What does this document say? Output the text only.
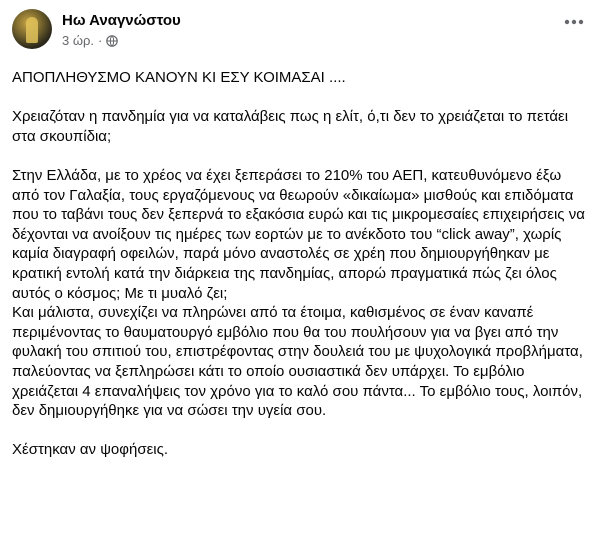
Ηω Αναγνώστου
3 ώρ. ·

ΑΠΟΠΛΗΘΥΣΜΟ ΚΑΝΟΥΝ ΚΙ ΕΣΥ ΚΟΙΜΑΣΑΙ ....

Χρειαζόταν η πανδημία για να καταλάβεις πως η ελίτ, ό,τι δεν το χρειάζεται το πετάει στα σκουπίδια;

Στην Ελλάδα, με το χρέος να έχει ξεπεράσει το 210% του ΑΕΠ, κατευθυνόμενο έξω από τον Γαλαξία, τους εργαζόμενους να θεωρούν «δικαίωμα» μισθούς και επιδόματα που το ταβάνι τους δεν ξεπερνά το εξακόσια ευρώ και τις μικρομεσαίες επιχειρήσεις να δέχονται να ανοίξουν τις ημέρες των εορτών με το ανέκδοτο του “click away”, χωρίς καμία διαγραφή οφειλών, παρά μόνο αναστολές σε χρέη που δημιουργήθηκαν με κρατική εντολή κατά την διάρκεια της πανδημίας, απορώ πραγματικά πώς ζει όλος αυτός ο κόσμος; Με τι μυαλό ζει;

Και μάλιστα, συνεχίζει να πληρώνει από τα έτοιμα, καθισμένος σε έναν καναπέ περιμένοντας το θαυματουργό εμβόλιο που θα του πουλήσουν για να βγει από την φυλακή του σπιτιού του, επιστρέφοντας στην δουλειά του με ψυχολογικά προβλήματα, παλεύοντας να ξεπληρώσει κάτι το οποίο ουσιαστικά δεν υπάρχει. Το εμβόλιο χρειάζεται 4 επαναλήψεις τον χρόνο για το καλό σου πάντα... Το εμβόλιο τους, λοιπόν, δεν δημιουργήθηκε για να σώσει την υγεία σου.

Χέστηκαν αν ψοφήσεις.
